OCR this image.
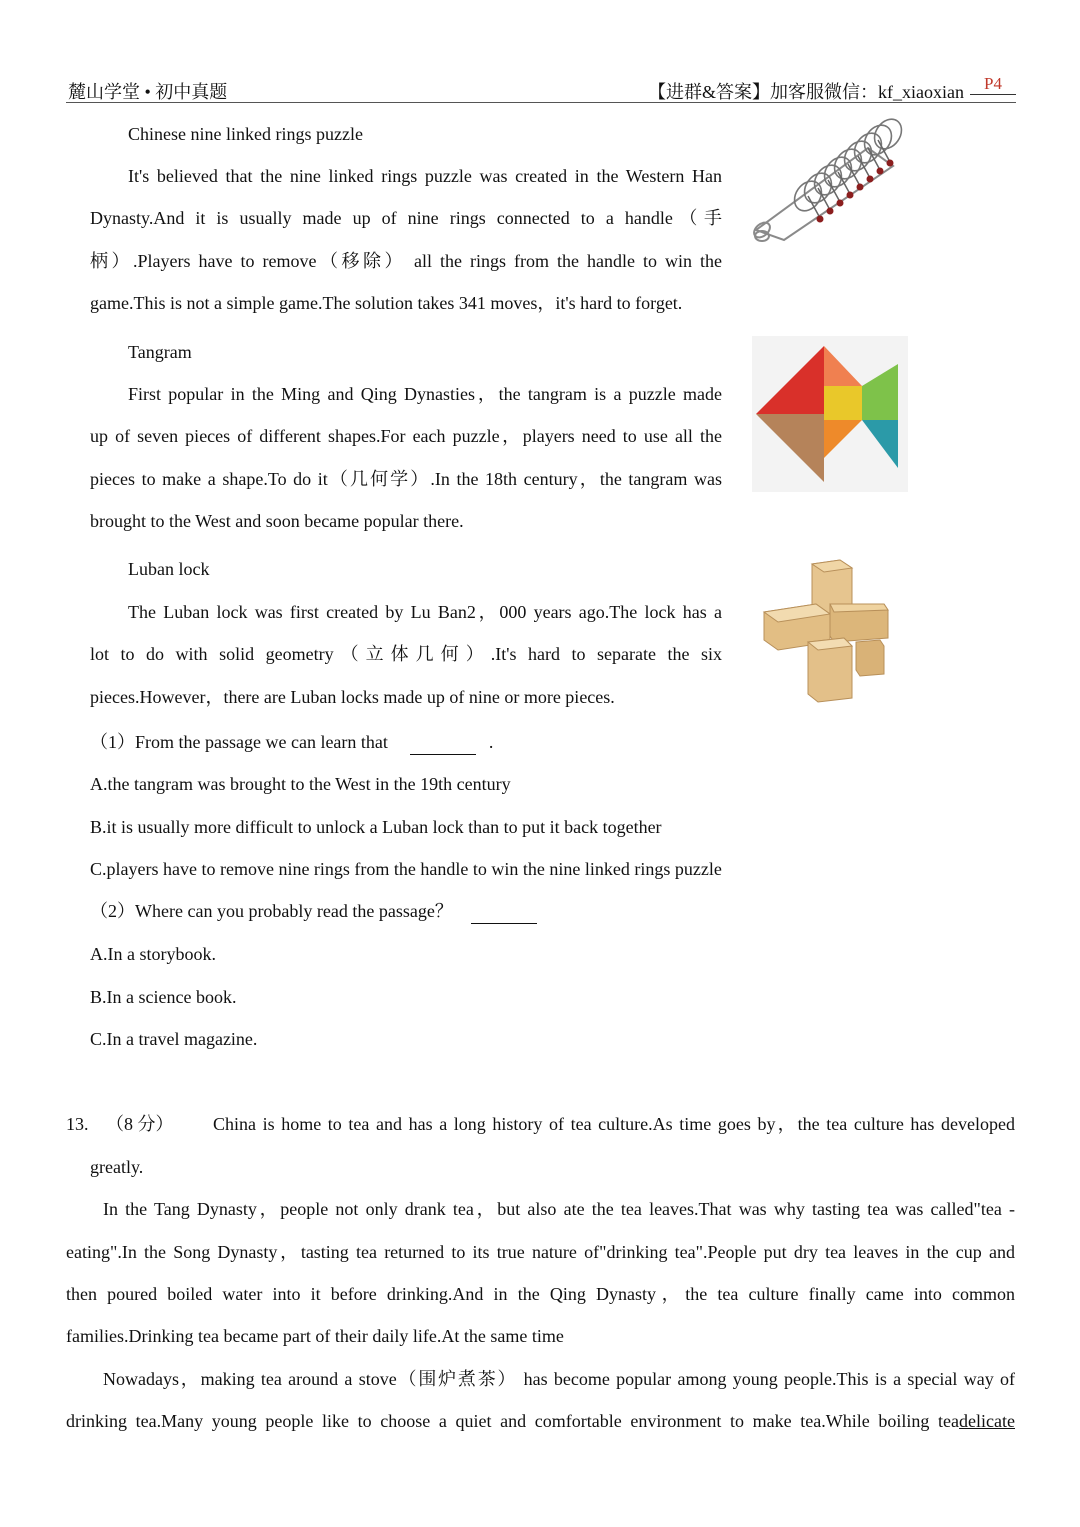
麓山学堂 • 初中真题	【进群&答案】加客服微信：kf_xiaoxian	P4
Chinese nine linked rings puzzle
It's believed that the nine linked rings puzzle was created in the Western Han
Dynasty.And it is usually made up of nine rings connected to a handle（手
柄）.Players have to remove（移除） all the rings from the handle to win the
game.This is not a simple game.The solution takes 341 moves，it's hard to forget.
Tangram
First popular in the Ming and Qing Dynasties，the tangram is a puzzle made
up of seven pieces of different shapes.For each puzzle，players need to use all the
pieces to make a shape.To do it（几何学）.In the 18th century，the tangram was
brought to the West and soon became popular there.
Luban lock
The Luban lock was first created by Lu Ban2，000 years ago.The lock has a
lot to do with solid geometry（立体几何）.It's hard to separate the six
pieces.However，there are Luban locks made up of nine or more pieces.
（1）From the passage we can learn that	.
A.the tangram was brought to the West in the 19th century
B.it is usually more difficult to unlock a Luban lock than to put it back together
C.players have to remove nine rings from the handle to win the nine linked rings puzzle
（2）Where can you probably read the passage？
A.In a storybook.
B.In a science book.
C.In a travel magazine.
13. （8 分） China is home to tea and has a long history of tea culture.As time goes by，the tea culture has developed
greatly.
In the Tang Dynasty，people not only drank tea，but also ate the tea leaves.That was why tasting tea was called"tea -
eating".In the Song Dynasty，tasting tea returned to its true nature of"drinking tea".People put dry tea leaves in the cup and
then poured boiled water into it before drinking.And in the Qing Dynasty，the tea culture finally came into common
families.Drinking tea became part of their daily life.At the same time
Nowadays，making tea around a stove（围炉煮茶） has become popular among young people.This is a special way of
drinking tea.Many young people like to choose a quiet and comfortable environment to make tea.While boiling teadelicate
